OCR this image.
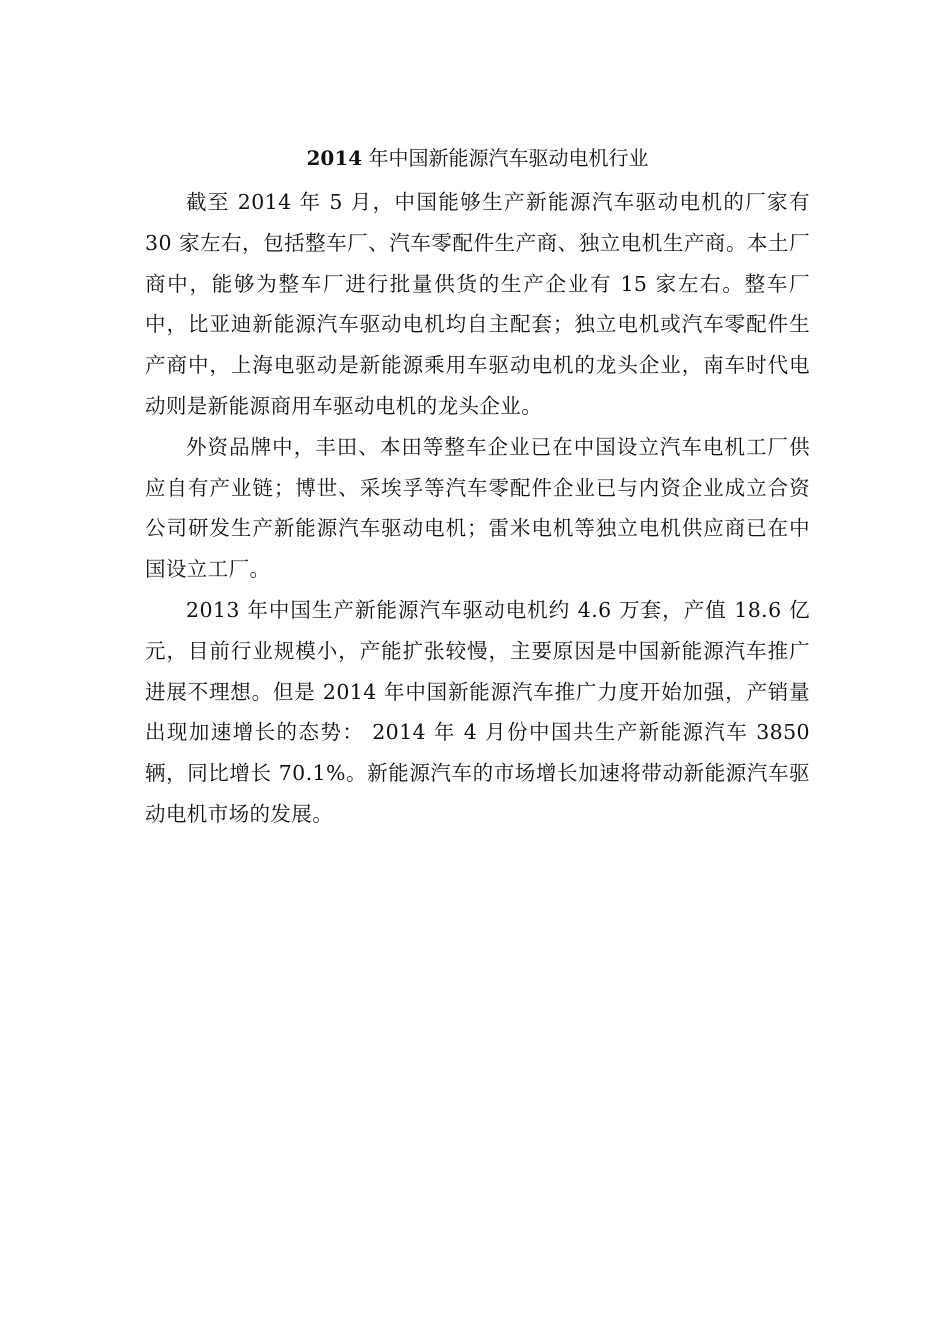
2014 年中国新能源汽车驱动电机行业

截至 2014 年 5 月，中国能够生产新能源汽车驱动电机的厂家有 30 家左右，包括整车厂、汽车零配件生产商、独立电机生产商。本土厂商中，能够为整车厂进行批量供货的生产企业有 15 家左右。整车厂中，比亚迪新能源汽车驱动电机均自主配套；独立电机或汽车零配件生产商中，上海电驱动是新能源乘用车驱动电机的龙头企业，南车时代电动则是新能源商用车驱动电机的龙头企业。

外资品牌中，丰田、本田等整车企业已在中国设立汽车电机工厂供应自有产业链；博世、采埃孚等汽车零配件企业已与内资企业成立合资公司研发生产新能源汽车驱动电机；雷米电机等独立电机供应商已在中国设立工厂。

2013 年中国生产新能源汽车驱动电机约 4.6 万套，产值 18.6 亿元，目前行业规模小，产能扩张较慢，主要原因是中国新能源汽车推广进展不理想。但是 2014 年中国新能源汽车推广力度开始加强，产销量出现加速增长的态势： 2014 年 4 月份中国共生产新能源汽车 3850 辆，同比增长 70.1%。新能源汽车的市场增长加速将带动新能源汽车驱动电机市场的发展。
